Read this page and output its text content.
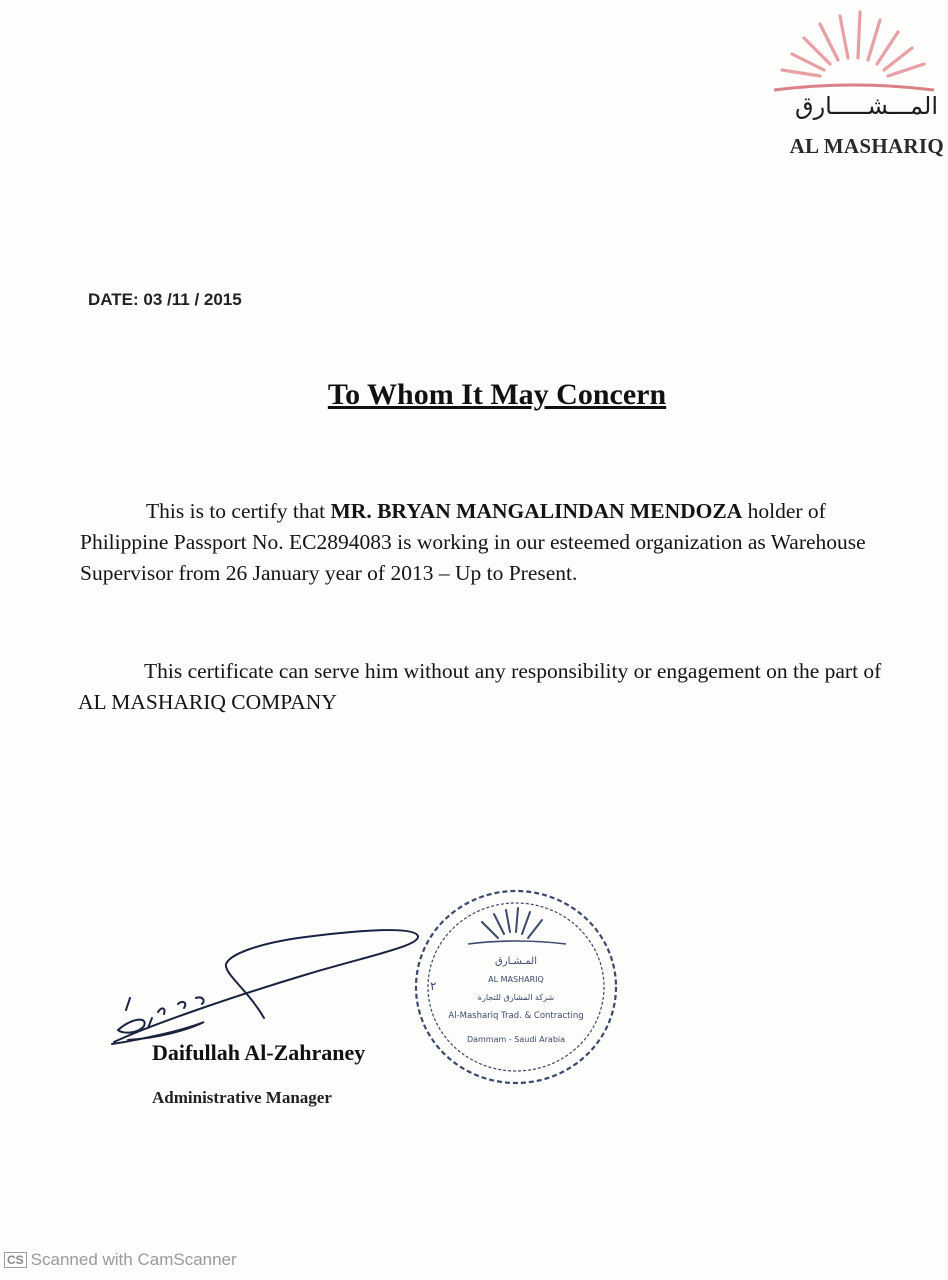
المـــشـــــارق
AL MASHARIQ
DATE: 03 /11 / 2015
To Whom It May Concern

This is to certify that MR. BRYAN MANGALINDAN MENDOZA holder of Philippine Passport No. EC2894083 is working in our esteemed organization as Warehouse Supervisor from 26 January year of 2013 – Up to Present.

This certificate can serve him without any responsibility or engagement on the part of AL MASHARIQ COMPANY

المـشـارق
AL MASHARIQ
شركة المشارق للتجارة
Al-Mashariq Trad. & Contracting
Dammam - Saudi Arabia
٢
Daifullah Al-Zahraney
Administrative Manager
CS Scanned with CamScanner
